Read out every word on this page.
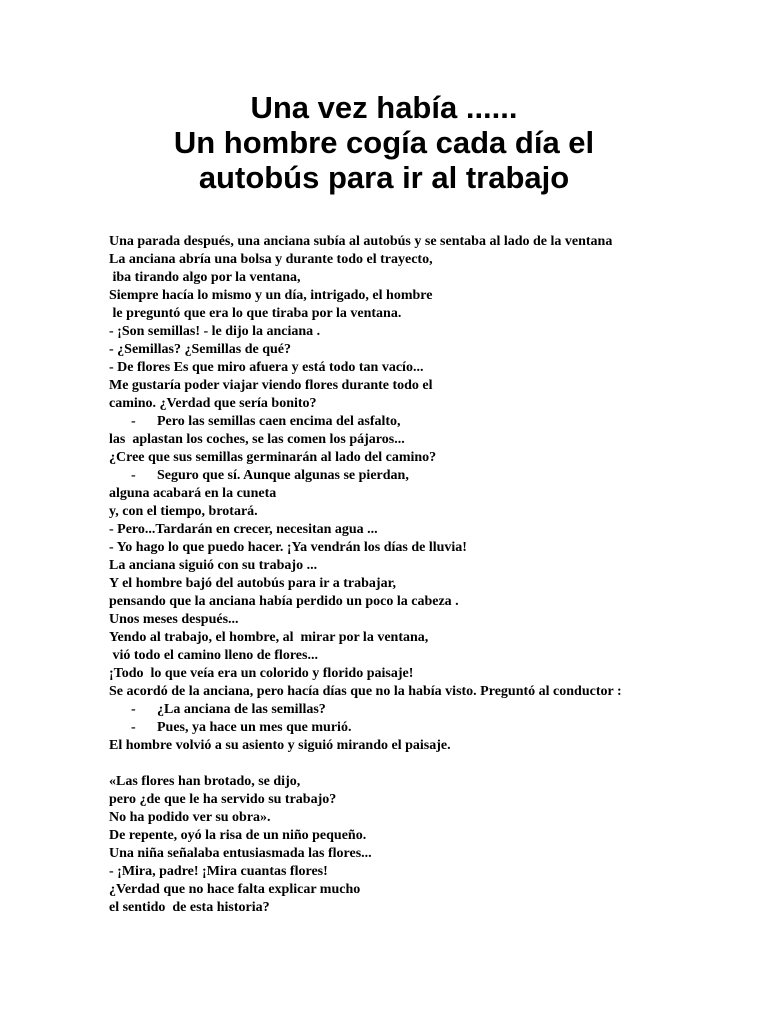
Una vez había ......
Un hombre cogía cada día el
autobús para ir al trabajo
Una parada después, una anciana subía al autobús y se sentaba al lado de la ventana
La anciana abría una bolsa y durante todo el trayecto,
iba tirando algo por la ventana,
Siempre hacía lo mismo y un día, intrigado, el hombre
le preguntó que era lo que tiraba por la ventana.
- ¡Son semillas! - le dijo la anciana .
- ¿Semillas? ¿Semillas de qué?
- De flores Es que miro afuera y está todo tan vacío...
Me gustaría poder viajar viendo flores durante todo el
camino. ¿Verdad que sería bonito?
- Pero las semillas caen encima del asfalto,
las  aplastan los coches, se las comen los pájaros...
¿Cree que sus semillas germinarán al lado del camino?
- Seguro que sí. Aunque algunas se pierdan,
alguna acabará en la cuneta
y, con el tiempo, brotará.
- Pero...Tardarán en crecer, necesitan agua ...
- Yo hago lo que puedo hacer. ¡Ya vendrán los días de lluvia!
La anciana siguió con su trabajo ...
Y el hombre bajó del autobús para ir a trabajar,
pensando que la anciana había perdido un poco la cabeza .
Unos meses después...
Yendo al trabajo, el hombre, al  mirar por la ventana,
vió todo el camino lleno de flores...
¡Todo  lo que veía era un colorido y florido paisaje!
Se acordó de la anciana, pero hacía días que no la había visto. Preguntó al conductor :
- ¿La anciana de las semillas?
- Pues, ya hace un mes que murió.
El hombre volvió a su asiento y siguió mirando el paisaje.
«Las flores han brotado, se dijo,
pero ¿de que le ha servido su trabajo?
No ha podido ver su obra».
De repente, oyó la risa de un niño pequeño.
Una niña señalaba entusiasmada las flores...
- ¡Mira, padre! ¡Mira cuantas flores!
¿Verdad que no hace falta explicar mucho
el sentido  de esta historia?
